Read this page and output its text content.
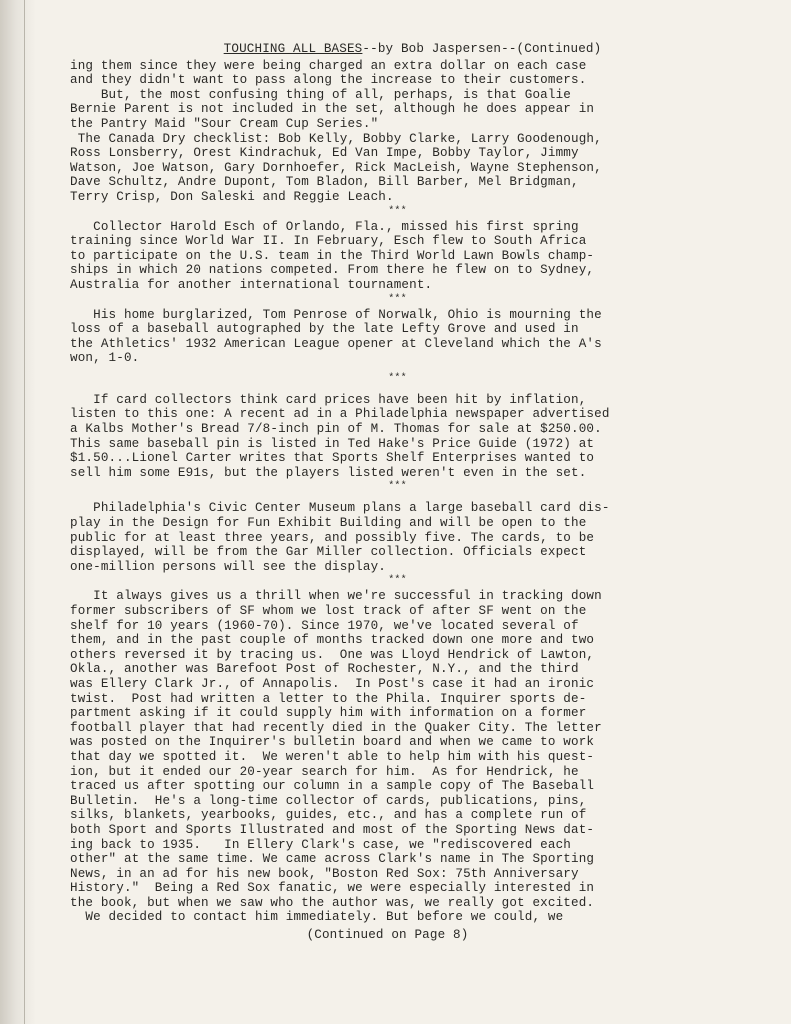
TOUCHING ALL BASES--by Bob Jaspersen--(Continued)

ing them since they were being charged an extra dollar on each case

and they didn't want to pass along the increase to their customers.

But, the most confusing thing of all, perhaps, is that Goalie

Bernie Parent is not included in the set, although he does appear in

the Pantry Maid "Sour Cream Cup Series."

The Canada Dry checklist: Bob Kelly, Bobby Clarke, Larry Goodenough,

Ross Lonsberry, Orest Kindrachuk, Ed Van Impe, Bobby Taylor, Jimmy

Watson, Joe Watson, Gary Dornhoefer, Rick MacLeish, Wayne Stephenson,

Dave Schultz, Andre Dupont, Tom Bladon, Bill Barber, Mel Bridgman,

Terry Crisp, Don Saleski and Reggie Leach.

***

Collector Harold Esch of Orlando, Fla., missed his first spring

training since World War II. In February, Esch flew to South Africa

to participate on the U.S. team in the Third World Lawn Bowls champ-

ships in which 20 nations competed. From there he flew on to Sydney,

Australia for another international tournament.

***

His home burglarized, Tom Penrose of Norwalk, Ohio is mourning the

loss of a baseball autographed by the late Lefty Grove and used in

the Athletics' 1932 American League opener at Cleveland which the A's

won, 1-0.

***

If card collectors think card prices have been hit by inflation,

listen to this one: A recent ad in a Philadelphia newspaper advertised

a Kalbs Mother's Bread 7/8-inch pin of M. Thomas for sale at $250.00.

This same baseball pin is listed in Ted Hake's Price Guide (1972) at

$1.50...Lionel Carter writes that Sports Shelf Enterprises wanted to

sell him some E91s, but the players listed weren't even in the set.

***

Philadelphia's Civic Center Museum plans a large baseball card dis-

play in the Design for Fun Exhibit Building and will be open to the

public for at least three years, and possibly five. The cards, to be

displayed, will be from the Gar Miller collection. Officials expect

one-million persons will see the display.

***

It always gives us a thrill when we're successful in tracking down

former subscribers of SF whom we lost track of after SF went on the

shelf for 10 years (1960-70). Since 1970, we've located several of

them, and in the past couple of months tracked down one more and two

others reversed it by tracing us.  One was Lloyd Hendrick of Lawton,

Okla., another was Barefoot Post of Rochester, N.Y., and the third

was Ellery Clark Jr., of Annapolis.  In Post's case it had an ironic

twist.  Post had written a letter to the Phila. Inquirer sports de-

partment asking if it could supply him with information on a former

football player that had recently died in the Quaker City. The letter

was posted on the Inquirer's bulletin board and when we came to work

that day we spotted it.  We weren't able to help him with his quest-

ion, but it ended our 20-year search for him.  As for Hendrick, he

traced us after spotting our column in a sample copy of The Baseball

Bulletin.  He's a long-time collector of cards, publications, pins,

silks, blankets, yearbooks, guides, etc., and has a complete run of

both Sport and Sports Illustrated and most of the Sporting News dat-

ing back to 1935.   In Ellery Clark's case, we "rediscovered each

other" at the same time. We came across Clark's name in The Sporting

News, in an ad for his new book, "Boston Red Sox: 75th Anniversary

History."  Being a Red Sox fanatic, we were especially interested in

the book, but when we saw who the author was, we really got excited.

We decided to contact him immediately. But before we could, we

(Continued on Page 8)
